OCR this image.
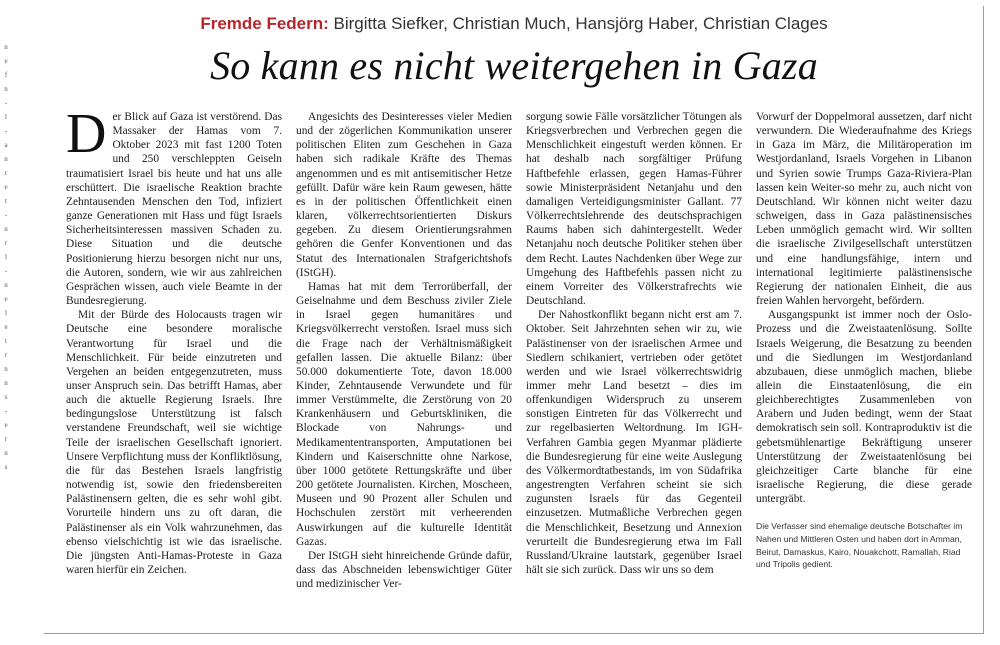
n
e
f
n
-
l
-
a
n
r
e
t
-
n
r
l
-
n
e
l
e
t
r
n
n
s
-
e
r
n
s
Fremde Federn: Birgitta Siefker, Christian Much, Hansjörg Haber, Christian Clages
So kann es nicht weitergehen in Gaza

Der Blick auf Gaza ist verstörend. Das Massaker der Hamas vom 7. Oktober 2023 mit fast 1200 Toten und 250 verschleppten Geiseln traumatisiert Israel bis heute und hat uns alle erschüttert. Die israelische Reaktion brachte Zehntausenden Menschen den Tod, infiziert ganze Generationen mit Hass und fügt Israels Sicherheitsinteressen massiven Schaden zu. Diese Situation und die deutsche Positionierung hierzu besorgen nicht nur uns, die Autoren, sondern, wie wir aus zahlreichen Gesprächen wissen, auch viele Beamte in der Bundesregierung.

Mit der Bürde des Holocausts tragen wir Deutsche eine besondere moralische Verantwortung für Israel und die Menschlichkeit. Für beide einzutreten und Vergehen an beiden entgegenzutreten, muss unser Anspruch sein. Das betrifft Hamas, aber auch die aktuelle Regierung Israels. Ihre bedingungslose Unterstützung ist falsch verstandene Freundschaft, weil sie wichtige Teile der israelischen Gesellschaft ignoriert. Unsere Verpflichtung muss der Konfliktlösung, die für das Bestehen Israels langfristig notwendig ist, sowie den friedensbereiten Palästinensern gelten, die es sehr wohl gibt. Vorurteile hindern uns zu oft daran, die Palästinenser als ein Volk wahrzunehmen, das ebenso vielschichtig ist wie das israelische. Die jüngsten Anti-Hamas-Proteste in Gaza waren hierfür ein Zeichen.

Angesichts des Desinteresses vieler Medien und der zögerlichen Kommunikation unserer politischen Eliten zum Geschehen in Gaza haben sich radikale Kräfte des Themas angenommen und es mit antisemitischer Hetze gefüllt. Dafür wäre kein Raum gewesen, hätte es in der politischen Öffentlichkeit einen klaren, völkerrechtsorientierten Diskurs gegeben. Zu diesem Orientierungsrahmen gehören die Genfer Konventionen und das Statut des Internationalen Strafgerichtshofs (IStGH).

Hamas hat mit dem Terrorüberfall, der Geiselnahme und dem Beschuss ziviler Ziele in Israel gegen humanitäres und Kriegsvölkerrecht verstoßen. Israel muss sich die Frage nach der Verhältnismäßigkeit gefallen lassen. Die aktuelle Bilanz: über 50.000 dokumentierte Tote, davon 18.000 Kinder, Zehntausende Verwundete und für immer Verstümmelte, die Zerstörung von 20 Krankenhäusern und Geburtskliniken, die Blockade von Nahrungs- und Medikamententransporten, Amputationen bei Kindern und Kaiserschnitte ohne Narkose, über 1000 getötete Rettungskräfte und über 200 getötete Journalisten. Kirchen, Moscheen, Museen und 90 Prozent aller Schulen und Hochschulen zerstört mit verheerenden Auswirkungen auf die kulturelle Identität Gazas.

Der IStGH sieht hinreichende Gründe dafür, dass das Abschneiden lebenswichtiger Güter und medizinischer Ver-

sorgung sowie Fälle vorsätzlicher Tötungen als Kriegsverbrechen und Verbrechen gegen die Menschlichkeit eingestuft werden können. Er hat deshalb nach sorgfältiger Prüfung Haftbefehle erlassen, gegen Hamas-Führer sowie Ministerpräsident Netanjahu und den damaligen Verteidigungsminister Gallant. 77 Völkerrechtslehrende des deutschsprachigen Raums haben sich dahintergestellt. Weder Netanjahu noch deutsche Politiker stehen über dem Recht. Lautes Nachdenken über Wege zur Umgehung des Haftbefehls passen nicht zu einem Vorreiter des Völkerstrafrechts wie Deutschland.

Der Nahostkonflikt begann nicht erst am 7. Oktober. Seit Jahrzehnten sehen wir zu, wie Palästinenser von der israelischen Armee und Siedlern schikaniert, vertrieben oder getötet werden und wie Israel völkerrechtswidrig immer mehr Land besetzt – dies im offenkundigen Widerspruch zu unserem sonstigen Eintreten für das Völkerrecht und zur regelbasierten Weltordnung. Im IGH-Verfahren Gambia gegen Myanmar plädierte die Bundesregierung für eine weite Auslegung des Völkermordtatbestands, im von Südafrika angestrengten Verfahren scheint sie sich zugunsten Israels für das Gegenteil einzusetzen. Mutmaßliche Verbrechen gegen die Menschlichkeit, Besetzung und Annexion verurteilt die Bundesregierung etwa im Fall Russland/Ukraine lautstark, gegenüber Israel hält sie sich zurück. Dass wir uns so dem

Vorwurf der Doppelmoral aussetzen, darf nicht verwundern. Die Wiederaufnahme des Kriegs in Gaza im März, die Militäroperation im Westjordanland, Israels Vorgehen in Libanon und Syrien sowie Trumps Gaza-Riviera-Plan lassen kein Weiter-so mehr zu, auch nicht von Deutschland. Wir können nicht weiter dazu schweigen, dass in Gaza palästinensisches Leben unmöglich gemacht wird. Wir sollten die israelische Zivilgesellschaft unterstützen und eine handlungsfähige, intern und international legitimierte palästinensische Regierung der nationalen Einheit, die aus freien Wahlen hervorgeht, befördern.

Ausgangspunkt ist immer noch der Oslo-Prozess und die Zweistaatenlösung. Sollte Israels Weigerung, die Besatzung zu beenden und die Siedlungen im Westjordanland abzubauen, diese unmöglich machen, bliebe allein die Einstaatenlösung, die ein gleichberechtigtes Zusammenleben von Arabern und Juden bedingt, wenn der Staat demokratisch sein soll. Kontraproduktiv ist die gebetsmühlenartige Bekräftigung unserer Unterstützung der Zweistaatenlösung bei gleichzeitiger Carte blanche für eine israelische Regierung, die diese gerade untergräbt.

Die Verfasser sind ehemalige deutsche Botschafter im Nahen und Mittleren Osten und haben dort in Amman, Beirut, Damaskus, Kairo, Nouakchott, Ramallah, Riad und Tripolis gedient.
